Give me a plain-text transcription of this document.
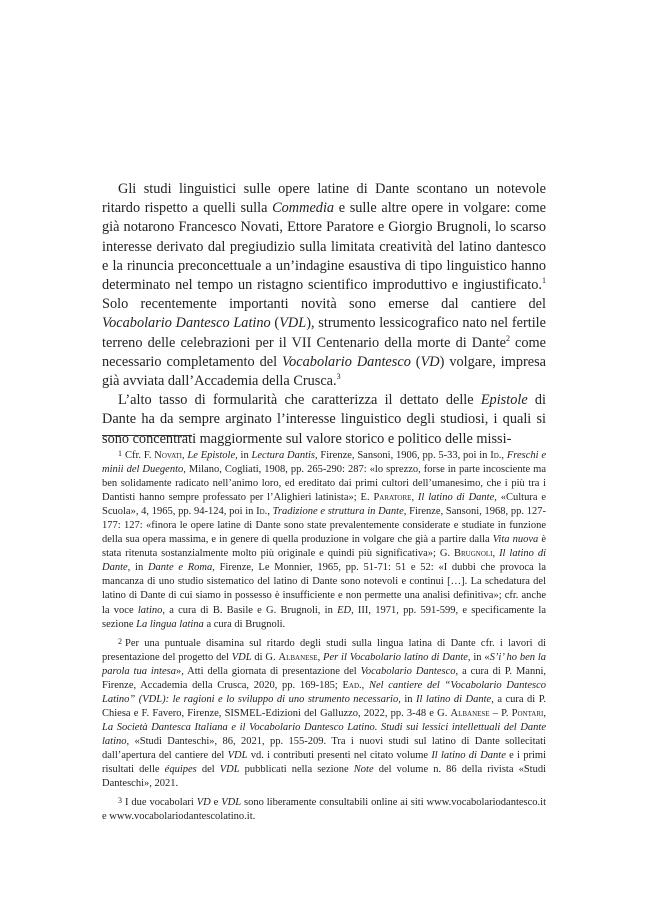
Gli studi linguistici sulle opere latine di Dante scontano un notevole ritardo rispetto a quelli sulla Commedia e sulle altre opere in volgare: come già notarono Francesco Novati, Ettore Paratore e Giorgio Brugnoli, lo scarso interesse derivato dal pregiudizio sulla limitata creatività del latino dantesco e la rinuncia preconcettuale a un’indagine esaustiva di tipo linguistico hanno determinato nel tempo un ristagno scientifico improduttivo e ingiustificato.$^1$ Solo recentemente importanti novità sono emerse dal cantiere del Vocabolario Dantesco Latino (VDL), strumento lessicografico nato nel fertile terreno delle celebrazioni per il VII Centenario della morte di Dante$^2$ come necessario completamento del Vocabolario Dantesco (VD) volgare, impresa già avviata dall’Accademia della Crusca.$^3$

L’alto tasso di formularità che caratterizza il dettato delle Epistole di Dante ha da sempre arginato l’interesse linguistico degli studiosi, i quali si sono concentrati maggiormente sul valore storico e politico delle missi-

1 Cfr. F. Novati, Le Epistole, in Lectura Dantis, Firenze, Sansoni, 1906, pp. 5-33, poi in Id., Freschi e minii del Duegento, Milano, Cogliati, 1908, pp. 265-290: 287: «lo sprezzo, forse in parte incosciente ma ben solidamente radicato nell’animo loro, ed ereditato dai primi cultori dell’umanesimo, che i più tra i Dantisti hanno sempre professato per l’Alighieri latinista»; E. Paratore, Il latino di Dante, «Cultura e Scuola», 4, 1965, pp. 94-124, poi in Id., Tradizione e struttura in Dante, Firenze, Sansoni, 1968, pp. 127-177: 127: «finora le opere latine di Dante sono state prevalentemente considerate e studiate in funzione della sua opera massima, e in genere di quella produzione in volgare che già a partire dalla Vita nuova è stata ritenuta sostanzialmente molto più originale e quindi più significativa»; G. Brugnoli, Il latino di Dante, in Dante e Roma, Firenze, Le Monnier, 1965, pp. 51-71: 51 e 52: «I dubbi che provoca la mancanza di uno studio sistematico del latino di Dante sono notevoli e continui […]. La schedatura del latino di Dante di cui siamo in possesso è insufficiente e non permette una analisi definitiva»; cfr. anche la voce latino, a cura di B. Basile e G. Brugnoli, in ED, III, 1971, pp. 591-599, e specificamente la sezione La lingua latina a cura di Brugnoli.

2 Per una puntuale disamina sul ritardo degli studi sulla lingua latina di Dante cfr. i lavori di presentazione del progetto del VDL di G. Albanese, Per il Vocabolario latino di Dante, in «S’i’ ho ben la parola tua intesa», Atti della giornata di presentazione del Vocabolario Dantesco, a cura di P. Manni, Firenze, Accademia della Crusca, 2020, pp. 169-185; Ead., Nel cantiere del “Vocabolario Dantesco Latino” (VDL): le ragioni e lo sviluppo di uno strumento necessario, in Il latino di Dante, a cura di P. Chiesa e F. Favero, Firenze, SISMEL-Edizioni del Galluzzo, 2022, pp. 3-48 e G. Albanese – P. Pontari, La Società Dantesca Italiana e il Vocabolario Dantesco Latino. Studi sui lessici intellettuali del Dante latino, «Studi Danteschi», 86, 2021, pp. 155-209. Tra i nuovi studi sul latino di Dante sollecitati dall’apertura del cantiere del VDL vd. i contributi presenti nel citato volume Il latino di Dante e i primi risultati delle équipes del VDL pubblicati nella sezione Note del volume n. 86 della rivista «Studi Danteschi», 2021.

3 I due vocabolari VD e VDL sono liberamente consultabili online ai siti www.vocabolariodantesco.it e www.vocabolariodantescolatino.it.
